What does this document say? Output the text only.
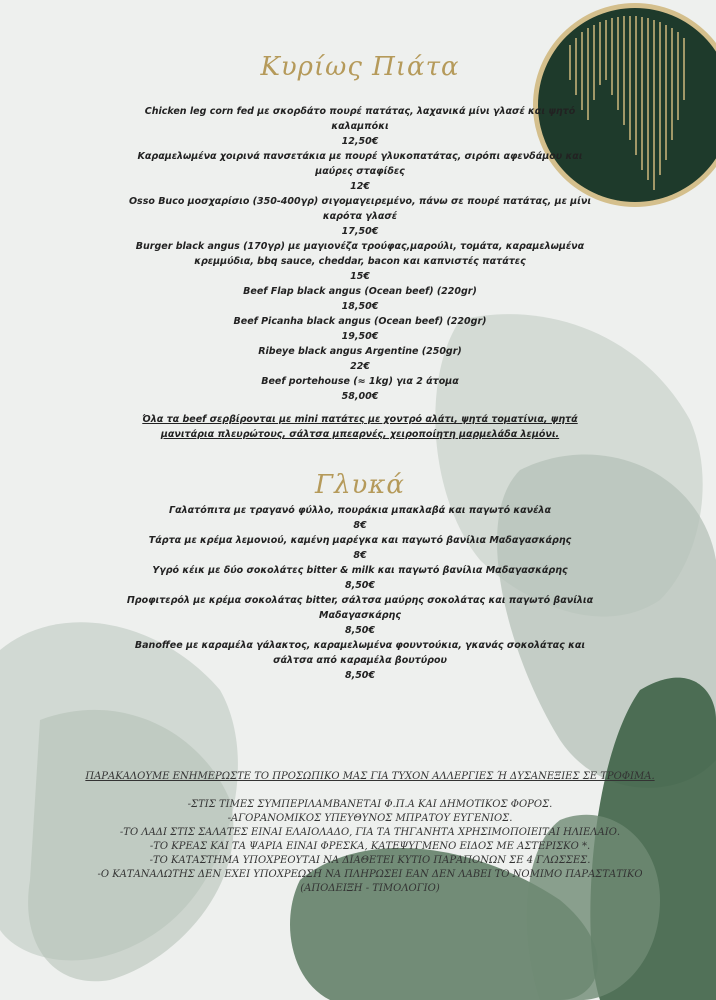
Κυρίως Πιάτα

Chicken leg corn fed με σκορδάτο πουρέ πατάτας, λαχανικά μίνι γλασέ και ψητό καλαμπόκι

12,50€

Καραμελωμένα χοιρινά πανσετάκια με πουρέ γλυκοπατάτας, σιρόπι αφενδάμου και μαύρες σταφίδες

12€

Osso Buco μοσχαρίσιο (350-400γρ) σιγομαγειρεμένο, πάνω σε πουρέ πατάτας, με μίνι καρότα γλασέ

17,50€

Burger black angus (170γρ) με μαγιονέζα τρούφας,μαρούλι, τομάτα, καραμελωμένα κρεμμύδια, bbq sauce, cheddar, bacon και καπνιστές πατάτες

15€

Beef Flap black angus (Ocean beef) (220gr)

18,50€

Beef Picanha black angus (Ocean beef) (220gr)

19,50€

Ribeye black angus Argentine (250gr)

22€

Beef portehouse (≈ 1kg) για 2 άτομα

58,00€

Όλα τα beef σερβίρονται με mini πατάτες με χοντρό αλάτι, ψητά τοματίνια, ψητά μανιτάρια πλευρώτους, σάλτσα μπεαρνές, χειροποίητη μαρμελάδα λεμόνι.
Γλυκά

Γαλατόπιτα με τραγανό φύλλο, πουράκια μπακλαβά και παγωτό κανέλα

8€

Τάρτα με κρέμα λεμονιού, καμένη μαρέγκα και παγωτό βανίλια Μαδαγασκάρης

8€

Υγρό κέικ με δύο σοκολάτες bitter & milk και παγωτό βανίλια Μαδαγασκάρης

8,50€

Προφιτερόλ με κρέμα σοκολάτας bitter, σάλτσα μαύρης σοκολάτας και παγωτό βανίλια Μαδαγασκάρης

8,50€

Banoffee με καραμέλα γάλακτος, καραμελωμένα φουντούκια, γκανάς σοκολάτας και σάλτσα από καραμέλα βουτύρου

8,50€

ΠΑΡΑΚΑΛΟΥΜΕ ΕΝΗΜΕΡΩΣΤΕ ΤΟ ΠΡΟΣΩΠΙΚΟ ΜΑΣ ΓΙΑ ΤΥΧΟΝ ΑΛΛΕΡΓΙΕΣ Ή ΔΥΣΑΝΕΞΙΕΣ ΣΕ ΤΡΟΦΙΜΑ.

-ΣΤΙΣ ΤΙΜΕΣ ΣΥΜΠΕΡΙΛΑΜΒΑΝΕΤΑΙ Φ.Π.Α ΚΑΙ ΔΗΜΟΤΙΚΟΣ ΦΟΡΟΣ.

-ΑΓΟΡΑΝΟΜΙΚΟΣ ΥΠΕΥΘΥΝΟΣ ΜΠΡΑΤΟΥ ΕΥΓΕΝΙΟΣ.

-ΤΟ ΛΑΔΙ ΣΤΙΣ ΣΑΛΑΤΕΣ ΕΙΝΑΙ ΕΛΑΙΟΛΑΔΟ, ΓΙΑ ΤΑ ΤΗΓΑΝΗΤΑ ΧΡΗΣΙΜΟΠΟΙΕΙΤΑΙ ΗΛΙΕΛΑΙΟ.

-ΤΟ ΚΡΕΑΣ ΚΑΙ ΤΑ ΨΑΡΙΑ ΕΙΝΑΙ ΦΡΕΣΚΑ, ΚΑΤΕΨΥΓΜΕΝΟ ΕΙΔΟΣ ΜΕ ΑΣΤΕΡΙΣΚΟ *.

-ΤΟ ΚΑΤΑΣΤΗΜΑ ΥΠΟΧΡΕΟΥΤΑΙ ΝΑ ΔΙΑΘΕΤΕΙ ΚΥΤΙΟ ΠΑΡΑΠΟΝΩΝ ΣΕ 4 ΓΛΩΣΣΕΣ.

-Ο ΚΑΤΑΝΑΛΩΤΗΣ ΔΕΝ ΕΧΕΙ ΥΠΟΧΡΕΩΣΗ ΝΑ ΠΛΗΡΩΣΕΙ ΕΑΝ ΔΕΝ ΛΑΒΕΙ ΤΟ ΝΟΜΙΜΟ ΠΑΡΑΣΤΑΤΙΚΟ

(ΑΠΟΔΕΙΞΗ - ΤΙΜΟΛΟΓΙΟ)
